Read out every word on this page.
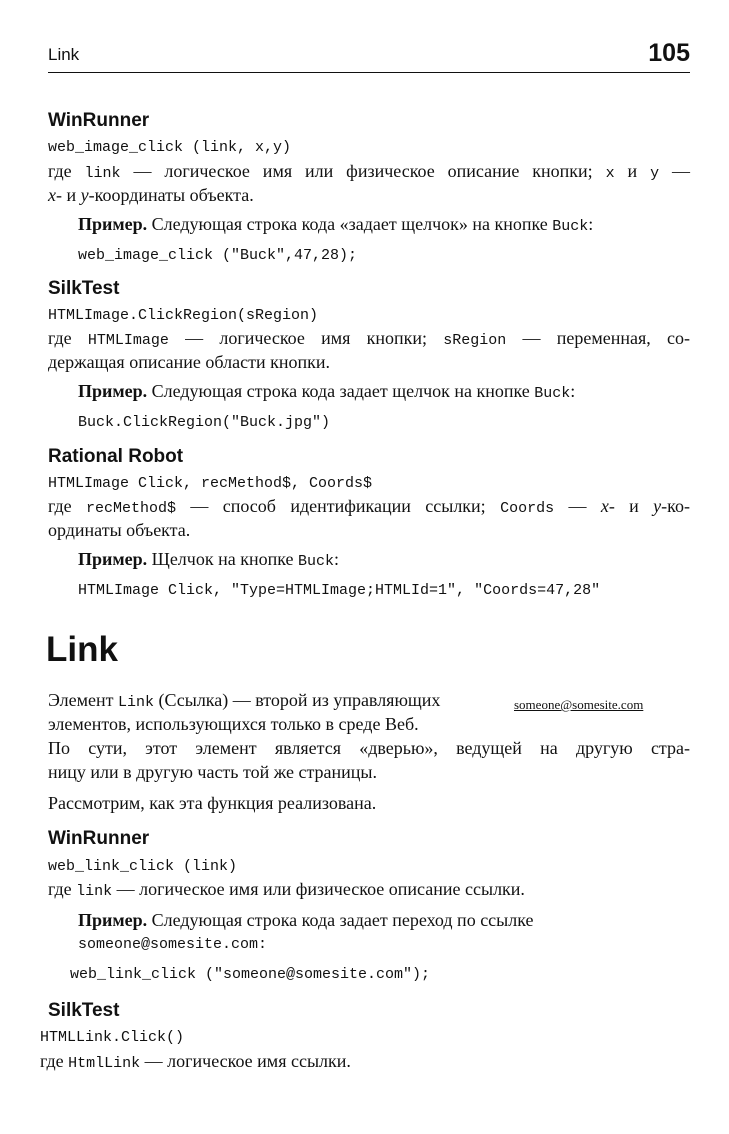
Link	105
WinRunner
web_image_click (link, x,y)
где link — логическое имя или физическое описание кнопки; x и y —
x- и y-координаты объекта.
Пример. Следующая строка кода «задает щелчок» на кнопке Buck:
web_image_click ("Buck",47,28);
SilkTest
HTMLImage.ClickRegion(sRegion)
где HTMLImage — логическое имя кнопки; sRegion — переменная, со-
держащая описание области кнопки.
Пример. Следующая строка кода задает щелчок на кнопке Buck:
Buck.ClickRegion("Buck.jpg")
Rational Robot
HTMLImage Click, recMethod$, Coords$
где recMethod$ — способ идентификации ссылки; Coords — x- и y-ко-
ординаты объекта.
Пример. Щелчок на кнопке Buck:
HTMLImage Click, "Type=HTMLImage;HTMLId=1", "Coords=47,28"
Link
Элемент Link (Ссылка) — второй из управляющих	someone@somesite.com
элементов, использующихся только в среде Веб.
По сути, этот элемент является «дверью», ведущей на другую стра-
ницу или в другую часть той же страницы.
Рассмотрим, как эта функция реализована.
WinRunner
web_link_click (link)
где link — логическое имя или физическое описание ссылки.
Пример. Следующая строка кода задает переход по ссылке
someone@somesite.com:
web_link_click ("someone@somesite.com");
SilkTest
HTMLLink.Click()
где HtmlLink — логическое имя ссылки.
